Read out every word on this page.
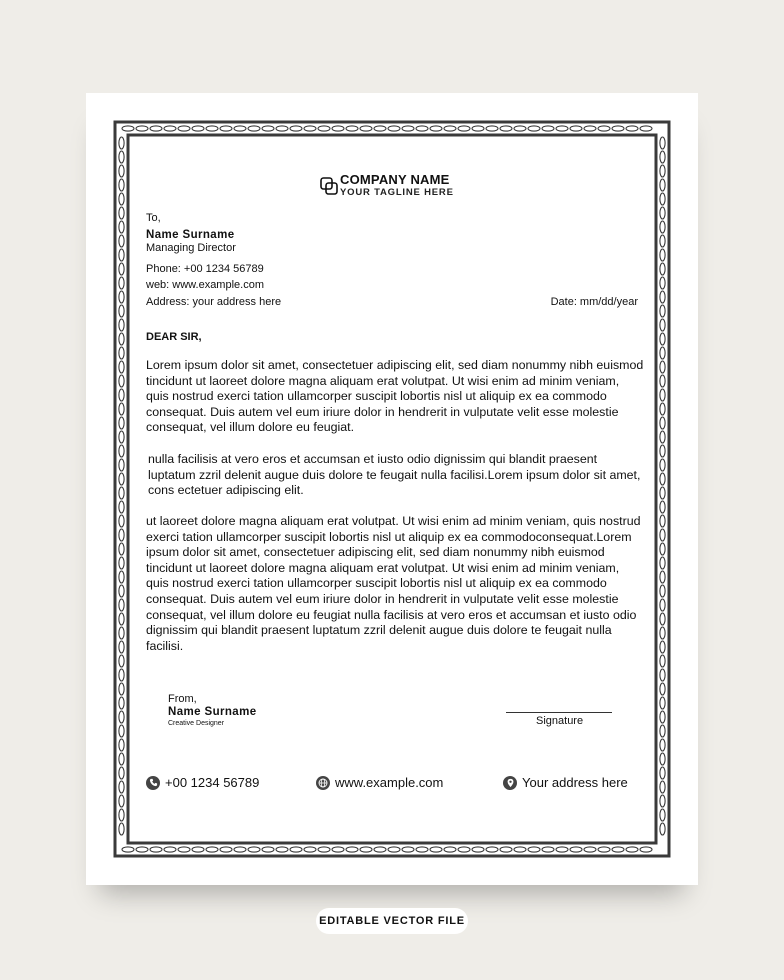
COMPANY NAME
YOUR TAGLINE HERE
To,
Name Surname
Managing Director
Phone: +00 1234 56789
web: www.example.com
Address: your address here	Date: mm/dd/year
DEAR SIR,

Lorem ipsum dolor sit amet, consectetuer adipiscing elit, sed diam nonummy nibh euismod tincidunt ut laoreet dolore magna aliquam erat volutpat. Ut wisi enim ad minim veniam, quis nostrud exerci tation ullamcorper suscipit lobortis nisl ut aliquip ex ea commodo consequat. Duis autem vel eum iriure dolor in hendrerit in vulputate velit esse molestie consequat, vel illum dolore eu feugiat.

nulla facilisis at vero eros et accumsan et iusto odio dignissim qui blandit praesent luptatum zzril delenit augue duis dolore te feugait nulla facilisi.Lorem ipsum dolor sit amet, cons ectetuer adipiscing elit.

ut laoreet dolore magna aliquam erat volutpat. Ut wisi enim ad minim veniam, quis nostrud exerci tation ullamcorper suscipit lobortis nisl ut aliquip ex ea commodoconsequat.Lorem ipsum dolor sit amet, consectetuer adipiscing elit, sed diam nonummy nibh euismod tincidunt ut laoreet dolore magna aliquam erat volutpat. Ut wisi enim ad minim veniam, quis nostrud exerci tation ullamcorper suscipit lobortis nisl ut aliquip ex ea commodo consequat. Duis autem vel eum iriure dolor in hendrerit in vulputate velit esse molestie consequat, vel illum dolore eu feugiat nulla facilisis at vero eros et accumsan et iusto odio dignissim qui blandit praesent luptatum zzril delenit augue duis dolore te feugait nulla facilisi.

From,
Name Surname
Creative Designer	Signature
+00 1234 56789	www.example.com	Your address here
EDITABLE VECTOR FILE
